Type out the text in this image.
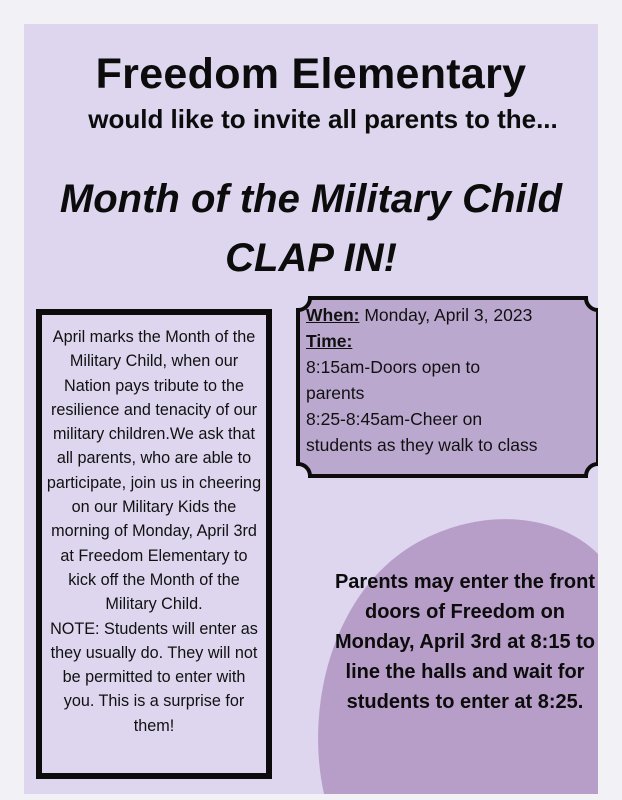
Freedom Elementary
would like to invite all parents to the...
Month of the Military Child
CLAP IN!

April marks the Month of the Military Child, when our Nation pays tribute to the resilience and tenacity of our military children.We ask that all parents, who are able to participate, join us in cheering on our Military Kids the morning of Monday, April 3rd at Freedom Elementary to kick off the Month of the Military Child.

NOTE: Students will enter as they usually do. They will not be permitted to enter with you. This is a surprise for them!

When: Monday, April 3, 2023
Time:
8:15am-Doors open to
parents
8:25-8:45am-Cheer on
students as they walk to class
Parents may enter the front doors of Freedom on Monday, April 3rd at 8:15 to line the halls and wait for students to enter at 8:25.
